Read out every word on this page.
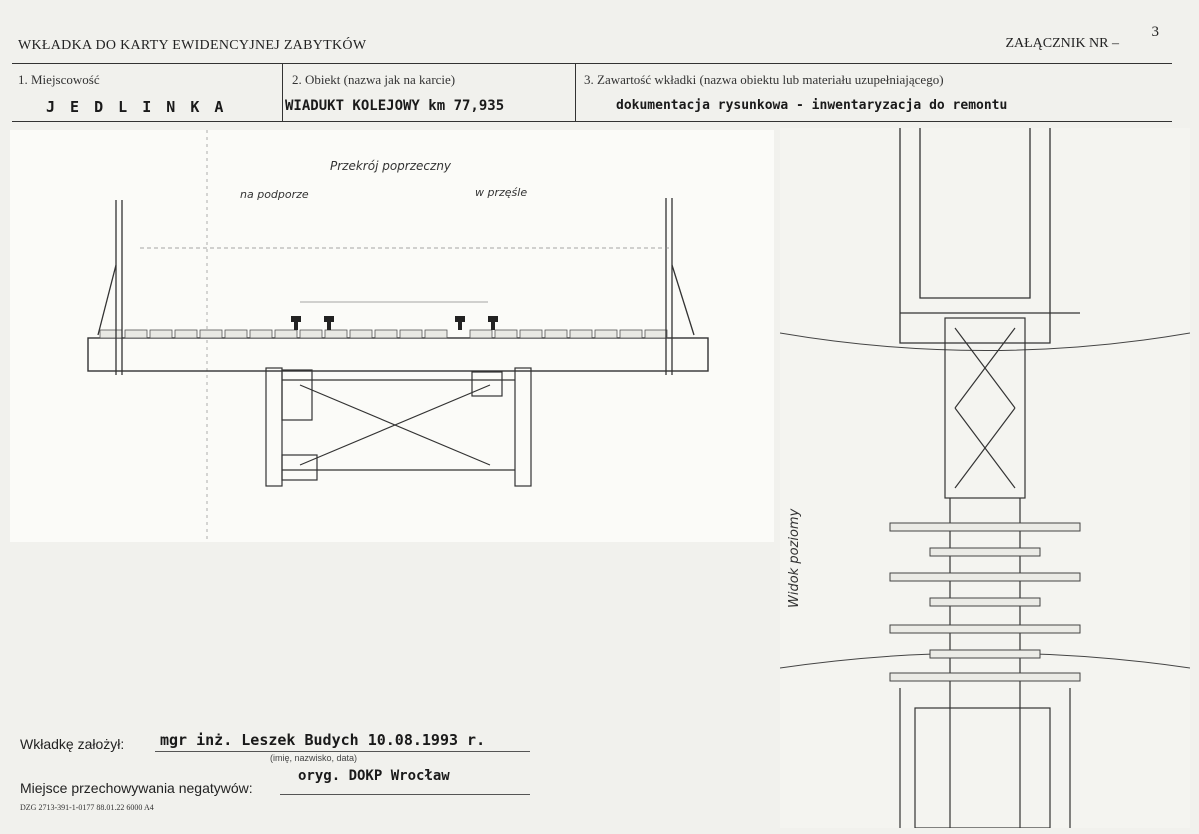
WKŁADKA DO KARTY EWIDENCYJNEJ ZABYTKÓW	ZAŁĄCZNIK NR –
3
1. Miejscowość
J E D L I N K A
2. Obiekt (nazwa jak na karcie)
WIADUKT KOLEJOWY km 77,935
3. Zawartość wkładki (nazwa obiektu lub materiału uzupełniającego)
dokumentacja rysunkowa - inwentaryzacja do remontu
Przekrój poprzeczny
na podporze	w przęśle
Widok poziomy
Wkładkę założył: mgr inż. Leszek Budych 10.08.1993 r.
(imię, nazwisko, data)
Miejsce przechowywania negatywów:
oryg. DOKP Wrocław
DZG 2713-391-1-0177 88.01.22 6000 A4
